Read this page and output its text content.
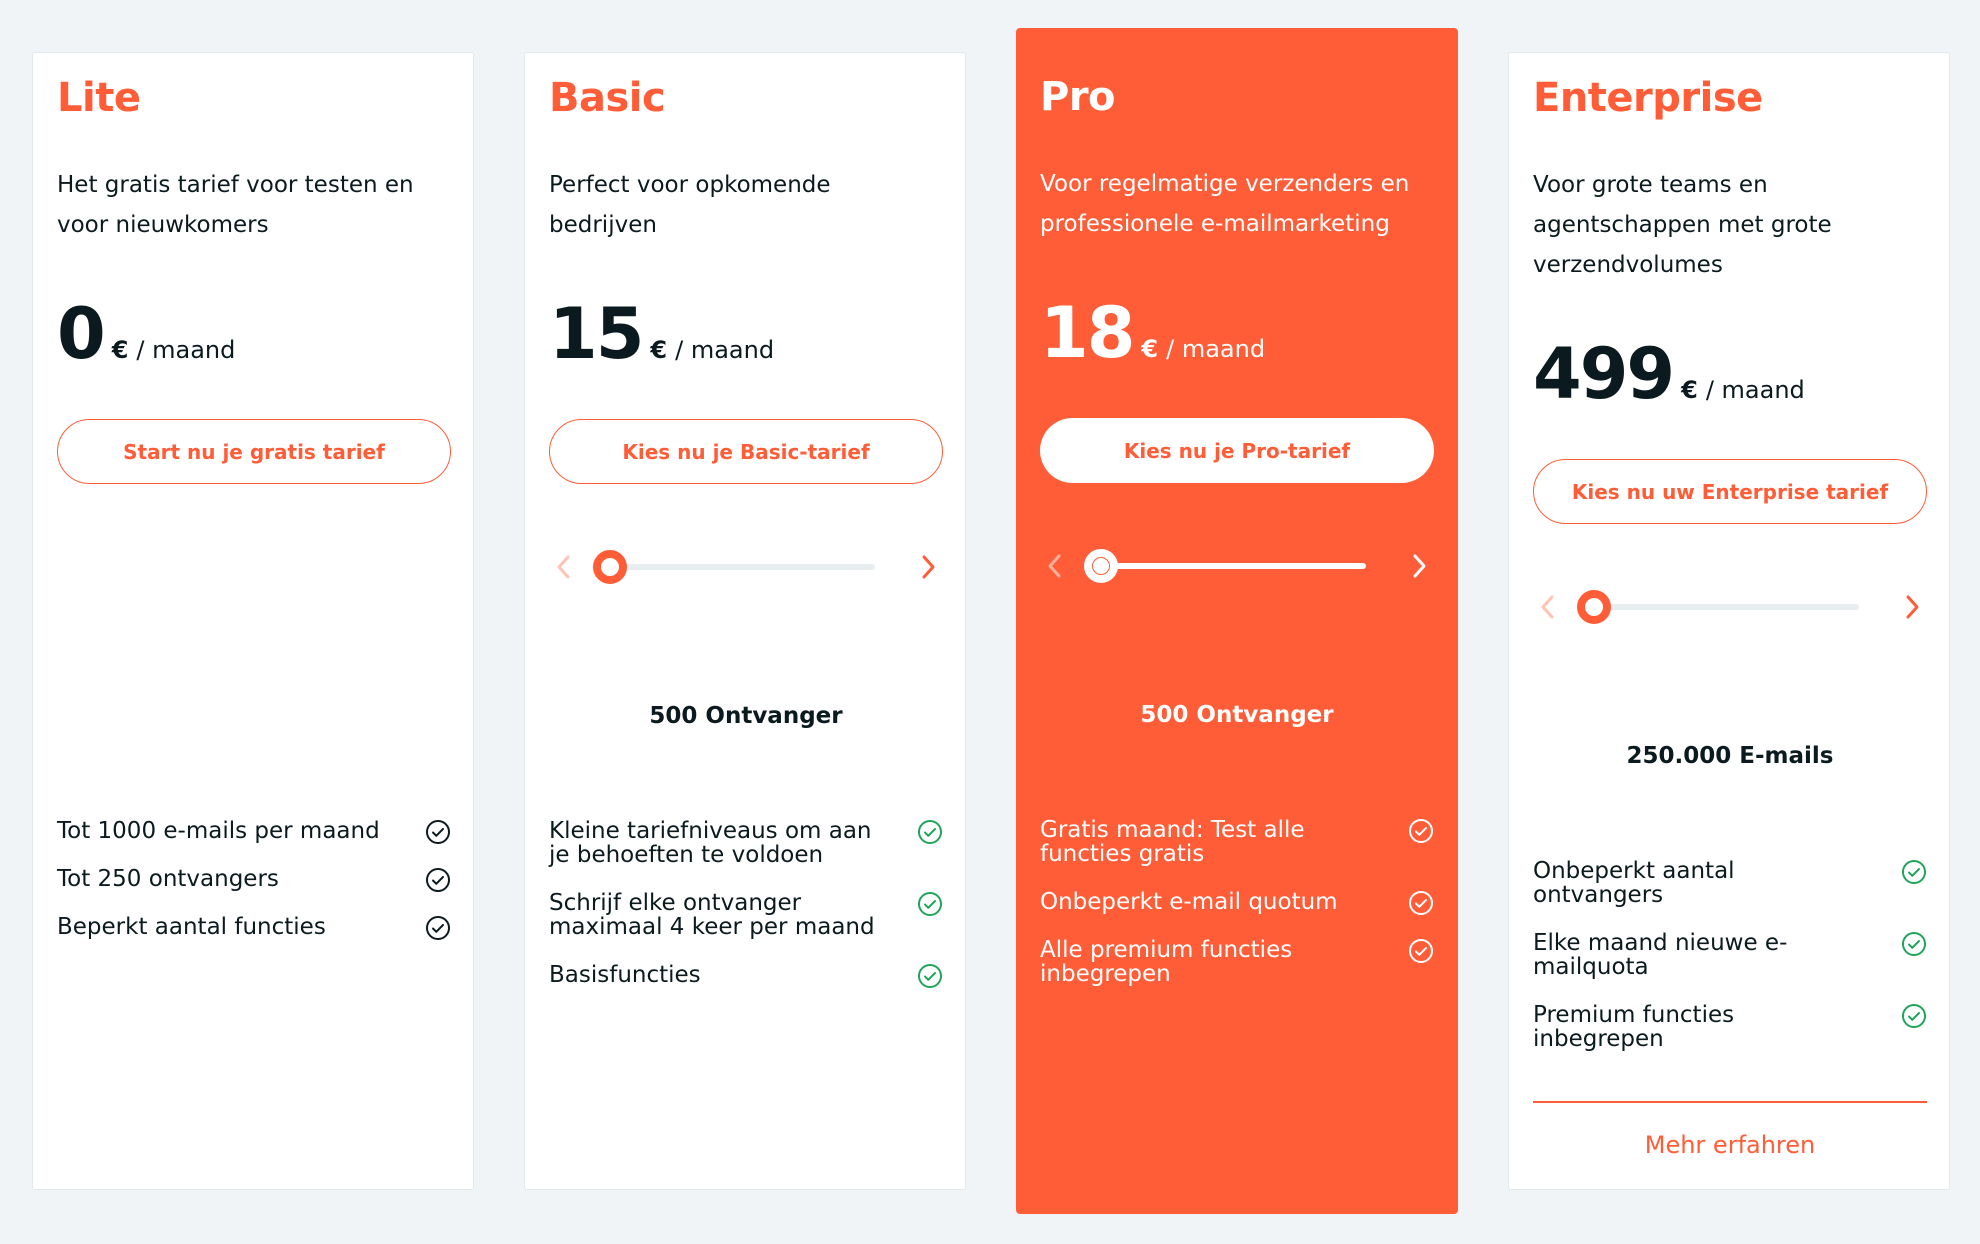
Lite

Het gratis tarief voor testen en voor nieuwkomers

0 € / maand
Start nu je gratis tarief
Tot 1000 e-mails per maand
Tot 250 ontvangers
Beperkt aantal functies
Basic

Perfect voor opkomende bedrijven

15 € / maand
Kies nu je Basic-tarief
500 Ontvanger
Kleine tariefniveaus om aan je behoeften te voldoen
Schrijf elke ontvanger maximaal 4 keer per maand
Basisfuncties
Pro

Voor regelmatige verzenders en professionele e-mailmarketing

18 € / maand
Kies nu je Pro-tarief
500 Ontvanger
Gratis maand: Test alle functies gratis
Onbeperkt e-mail quotum
Alle premium functies inbegrepen
Enterprise

Voor grote teams en agentschappen met grote verzendvolumes

499 € / maand
Kies nu uw Enterprise tarief
250.000 E-mails
Onbeperkt aantal ontvangers
Elke maand nieuwe e-mailquota
Premium functies inbegrepen
Mehr erfahren
